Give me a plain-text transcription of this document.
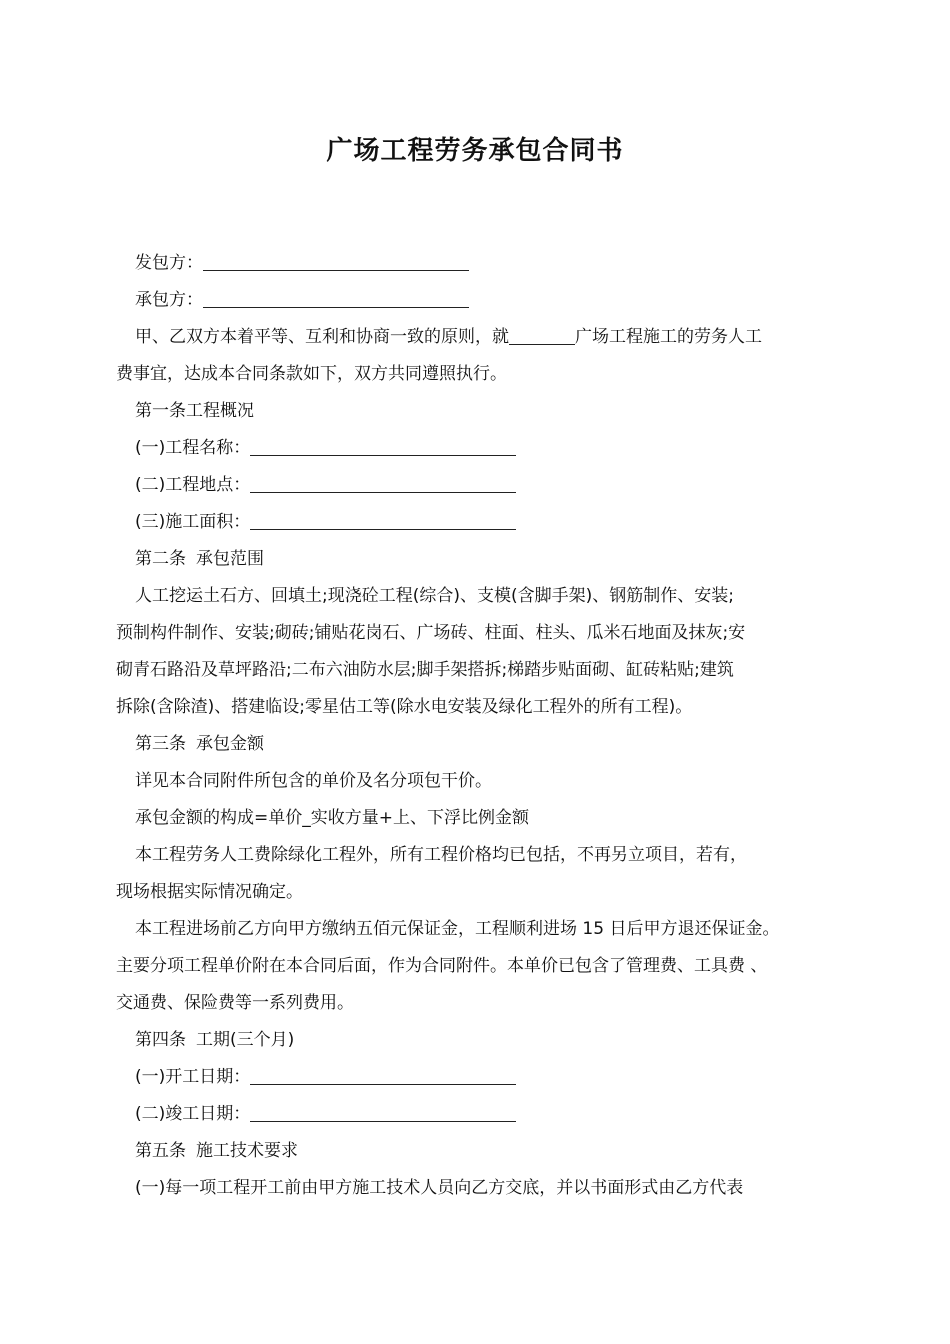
广场工程劳务承包合同书
发包方：
承包方：
甲、乙双方本着平等、互利和协商一致的原则，就	广场工程施工的劳务人工
费事宜，达成本合同条款如下，双方共同遵照执行。
第一条工程概况
(一)工程名称：
(二)工程地点：
(三)施工面积：
第二条 承包范围
人工挖运土石方、回填土;现浇砼工程(综合)、支模(含脚手架)、钢筋制作、安装;
预制构件制作、安装;砌砖;铺贴花岗石、广场砖、柱面、柱头、瓜米石地面及抹灰;安
砌青石路沿及草坪路沿;二布六油防水层;脚手架搭拆;梯踏步贴面砌、缸砖粘贴;建筑
拆除(含除渣)、搭建临设;零星估工等(除水电安装及绿化工程外的所有工程)。
第三条 承包金额
详见本合同附件所包含的单价及名分项包干价。
承包金额的构成=单价_实收方量+上、下浮比例金额
本工程劳务人工费除绿化工程外，所有工程价格均已包括，不再另立项目，若有，
现场根据实际情况确定。
本工程进场前乙方向甲方缴纳五佰元保证金，工程顺利进场 15 日后甲方退还保证金。
主要分项工程单价附在本合同后面，作为合同附件。本单价已包含了管理费、工具费 、
交通费、保险费等一系列费用。
第四条 工期(三个月)
(一)开工日期：
(二)竣工日期：
第五条 施工技术要求
(一)每一项工程开工前由甲方施工技术人员向乙方交底，并以书面形式由乙方代表
